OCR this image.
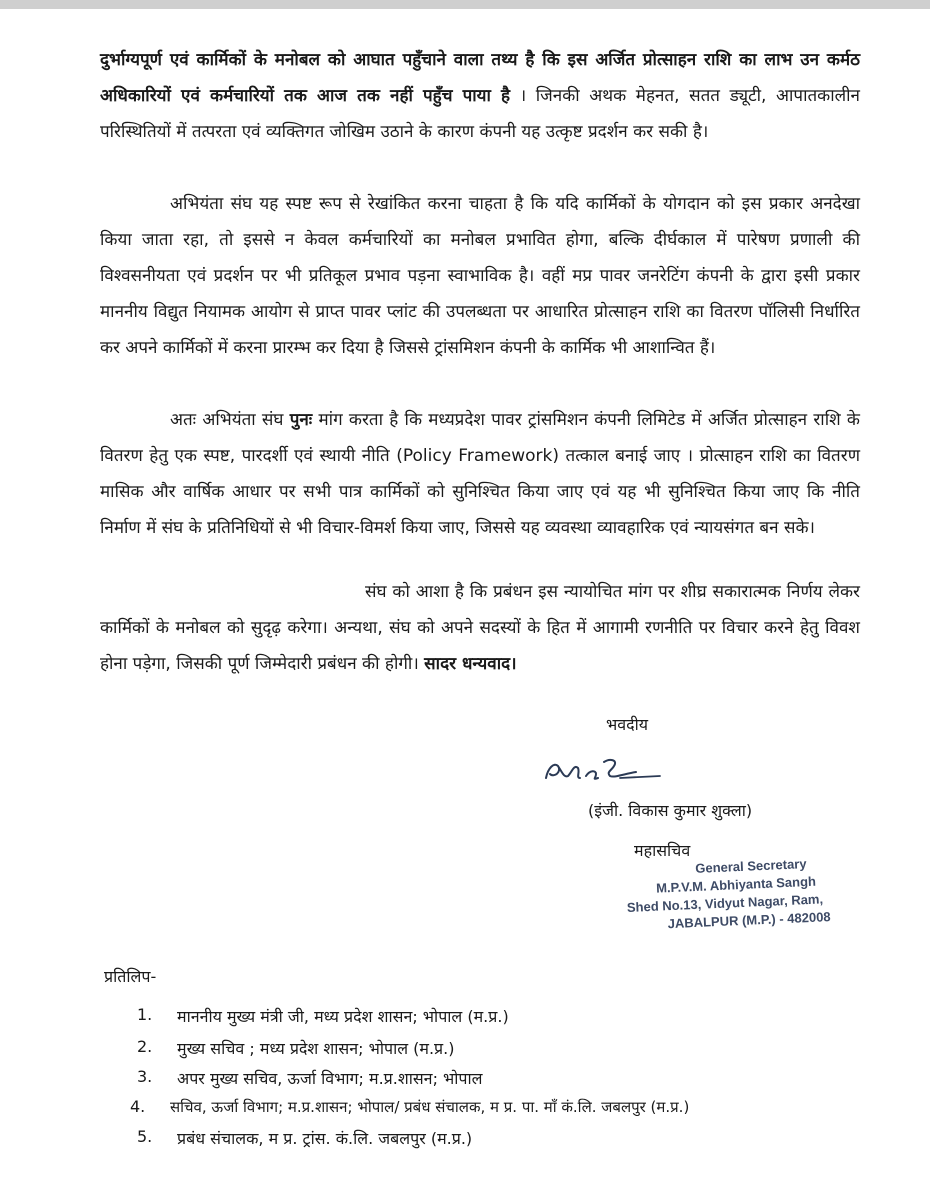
दुर्भाग्यपूर्ण एवं कार्मिकों के मनोबल को आघात पहुँचाने वाला तथ्य है कि इस अर्जित प्रोत्साहन राशि का लाभ उन कर्मठ अधिकारियों एवं कर्मचारियों तक आज तक नहीं पहुँच पाया है । जिनकी अथक मेहनत, सतत ड्यूटी, आपातकालीन परिस्थितियों में तत्परता एवं व्यक्तिगत जोखिम उठाने के कारण कंपनी यह उत्कृष्ट प्रदर्शन कर सकी है।

अभियंता संघ यह स्पष्ट रूप से रेखांकित करना चाहता है कि यदि कार्मिकों के योगदान को इस प्रकार अनदेखा किया जाता रहा, तो इससे न केवल कर्मचारियों का मनोबल प्रभावित होगा, बल्कि दीर्घकाल में पारेषण प्रणाली की विश्वसनीयता एवं प्रदर्शन पर भी प्रतिकूल प्रभाव पड़ना स्वाभाविक है। वहीं मप्र पावर जनरेटिंग कंपनी के द्वारा इसी प्रकार माननीय विद्युत नियामक आयोग से प्राप्त पावर प्लांट की उपलब्धता पर आधारित प्रोत्साहन राशि का वितरण पॉलिसी निर्धारित कर अपने कार्मिकों में करना प्रारम्भ कर दिया है जिससे ट्रांसमिशन कंपनी के कार्मिक भी आशान्वित हैं।

अतः अभियंता संघ पुनः मांग करता है कि मध्यप्रदेश पावर ट्रांसमिशन कंपनी लिमिटेड में अर्जित प्रोत्साहन राशि के वितरण हेतु एक स्पष्ट, पारदर्शी एवं स्थायी नीति (Policy Framework) तत्काल बनाई जाए । प्रोत्साहन राशि का वितरण मासिक और वार्षिक आधार पर सभी पात्र कार्मिकों को सुनिश्चित किया जाए एवं यह भी सुनिश्चित किया जाए कि नीति निर्माण में संघ के प्रतिनिधियों से भी विचार-विमर्श किया जाए, जिससे यह व्यवस्था व्यावहारिक एवं न्यायसंगत बन सके।

संघ को आशा है कि प्रबंधन इस न्यायोचित मांग पर शीघ्र सकारात्मक निर्णय लेकर कार्मिकों के मनोबल को सुदृढ़ करेगा। अन्यथा, संघ को अपने सदस्यों के हित में आगामी रणनीति पर विचार करने हेतु विवश होना पड़ेगा, जिसकी पूर्ण जिम्मेदारी प्रबंधन की होगी। सादर धन्यवाद।

भवदीय
(इंजी. विकास कुमार शुक्ला)
महासचिव
General Secretary
M.P.V.M. Abhiyanta Sangh
Shed No.13, Vidyut Nagar, Ram,
JABALPUR (M.P.) - 482008
प्रतिलिप-
1. माननीय मुख्य मंत्री जी, मध्य प्रदेश शासन; भोपाल (म.प्र.)
2. मुख्य सचिव ; मध्य प्रदेश शासन; भोपाल (म.प्र.)
3. अपर मुख्य सचिव, ऊर्जा विभाग; म.प्र.शासन; भोपाल
4. सचिव, ऊर्जा विभाग; म.प्र.शासन; भोपाल/ प्रबंध संचालक, म प्र. पा. माँ कं.लि. जबलपुर (म.प्र.)
5. प्रबंध संचालक, म प्र. ट्रांस. कं.लि. जबलपुर (म.प्र.)
